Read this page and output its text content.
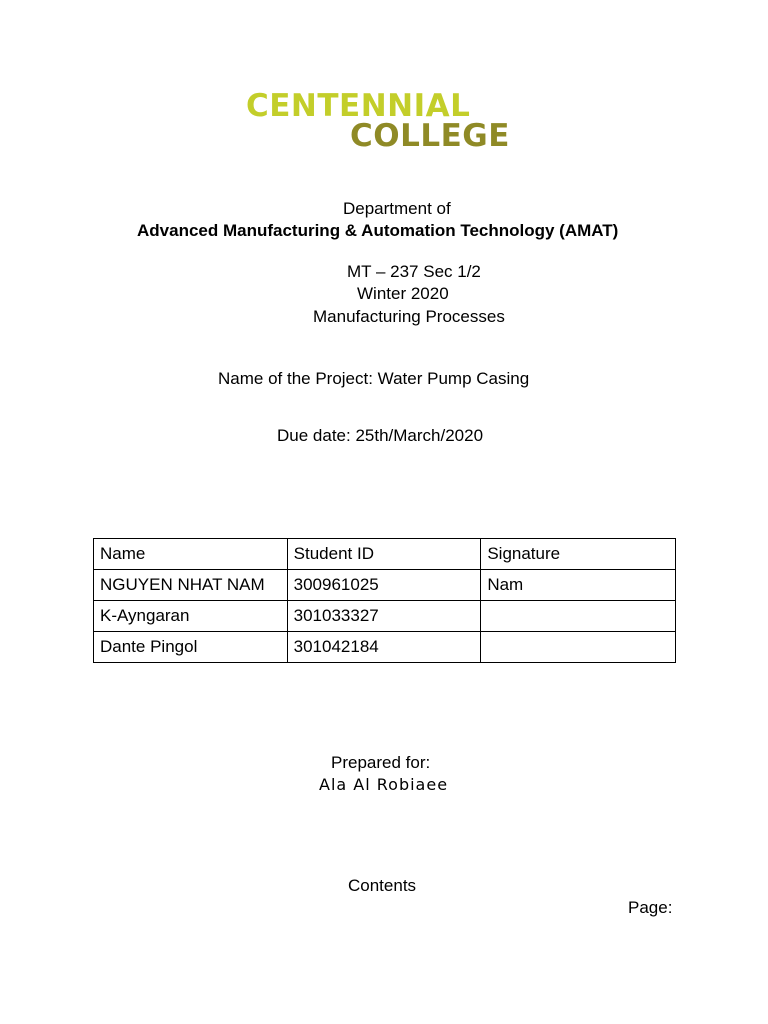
CENTENNIAL
COLLEGE
Department of
Advanced Manufacturing & Automation Technology (AMAT)
MT – 237 Sec 1/2
Winter 2020
Manufacturing Processes
Name of the Project: Water Pump Casing
Due date: 25th/March/2020
Name	Student ID	Signature
NGUYEN NHAT NAM	300961025	Nam
K-Ayngaran	301033327	
Dante Pingol	301042184	
Prepared for:
Ala Al Robiaee
Contents
Page:
